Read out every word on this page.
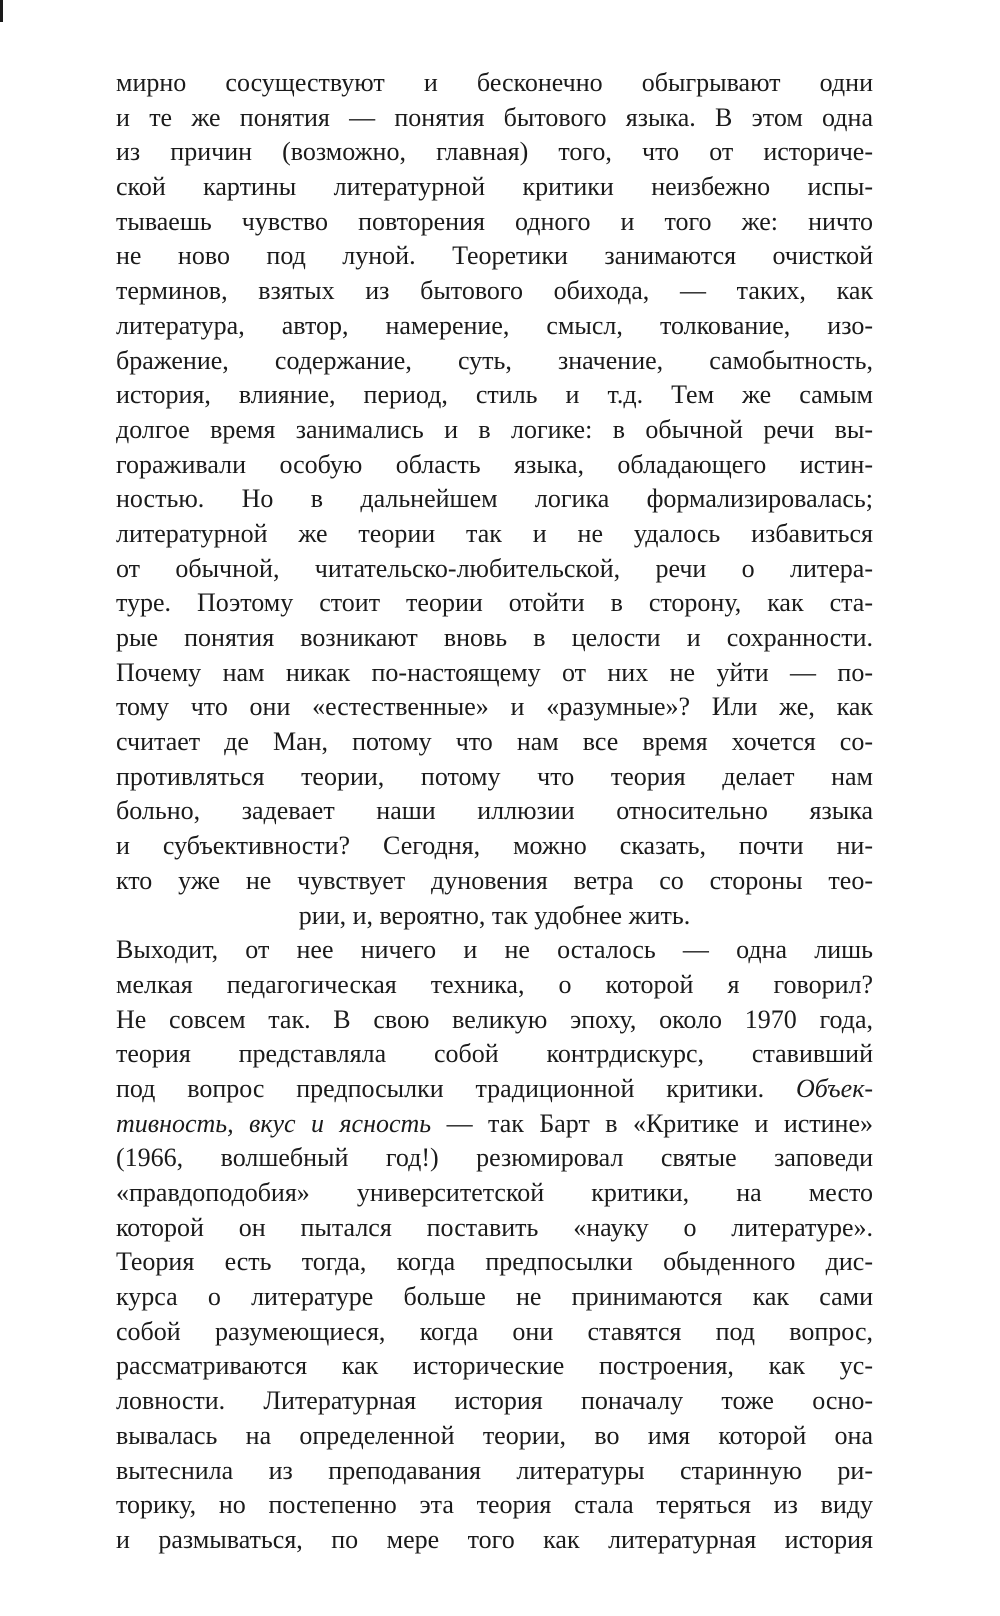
мирно сосуществуют и бесконечно обыгрывают одни
и те же понятия — понятия бытового языка. В этом одна
из причин (возможно, главная) того, что от историче-
ской картины литературной критики неизбежно испы-
тываешь чувство повторения одного и того же: ничто
не ново под луной. Теоретики занимаются очисткой
терминов, взятых из бытового обихода, — таких, как
литература, автор, намерение, смысл, толкование, изо-
бражение, содержание, суть, значение, самобытность,
история, влияние, период, стиль и т.д. Тем же самым
долгое время занимались и в логике: в обычной речи вы-
гораживали особую область языка, обладающего истин-
ностью. Но в дальнейшем логика формализировалась;
литературной же теории так и не удалось избавиться
от обычной, читательско-любительской, речи о литера-
туре. Поэтому стоит теории отойти в сторону, как ста-
рые понятия возникают вновь в целости и сохранности.
Почему нам никак по-настоящему от них не уйти — по-
тому что они «естественные» и «разумные»? Или же, как
считает де Ман, потому что нам все время хочется со-
противляться теории, потому что теория делает нам
больно, задевает наши иллюзии относительно языка
и субъективности? Сегодня, можно сказать, почти ни-
кто уже не чувствует дуновения ветра со стороны тео-
рии, и, вероятно, так удобнее жить.
Выходит, от нее ничего и не осталось — одна лишь
мелкая педагогическая техника, о которой я говорил?
Не совсем так. В свою великую эпоху, около 1970 года,
теория представляла собой контрдискурс, ставивший
под вопрос предпосылки традиционной критики. Объек-
тивность, вкус и ясность — так Барт в «Критике и истине»
(1966, волшебный год!) резюмировал святые заповеди
«правдоподобия» университетской критики, на место
которой он пытался поставить «науку о литературе».
Теория есть тогда, когда предпосылки обыденного дис-
курса о литературе больше не принимаются как сами
собой разумеющиеся, когда они ставятся под вопрос,
рассматриваются как исторические построения, как ус-
ловности. Литературная история поначалу тоже осно-
вывалась на определенной теории, во имя которой она
вытеснила из преподавания литературы старинную ри-
торику, но постепенно эта теория стала теряться из виду
и размываться, по мере того как литературная история
